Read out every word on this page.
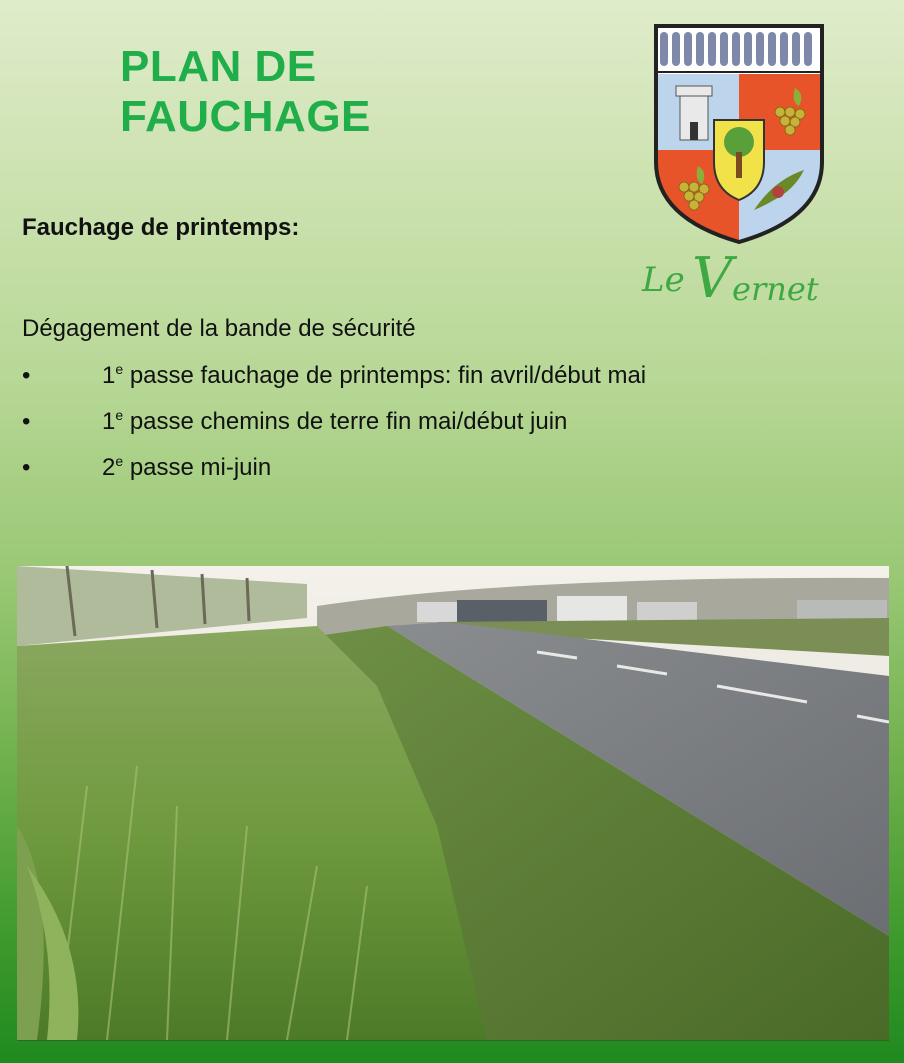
PLAN DE FAUCHAGE
Le V ernet
Fauchage de printemps:
Dégagement de la bande de sécurité
•	1e passe fauchage de printemps: fin avril/début mai
•	1e passe chemins de terre fin mai/début juin
•	2e passe mi-juin
